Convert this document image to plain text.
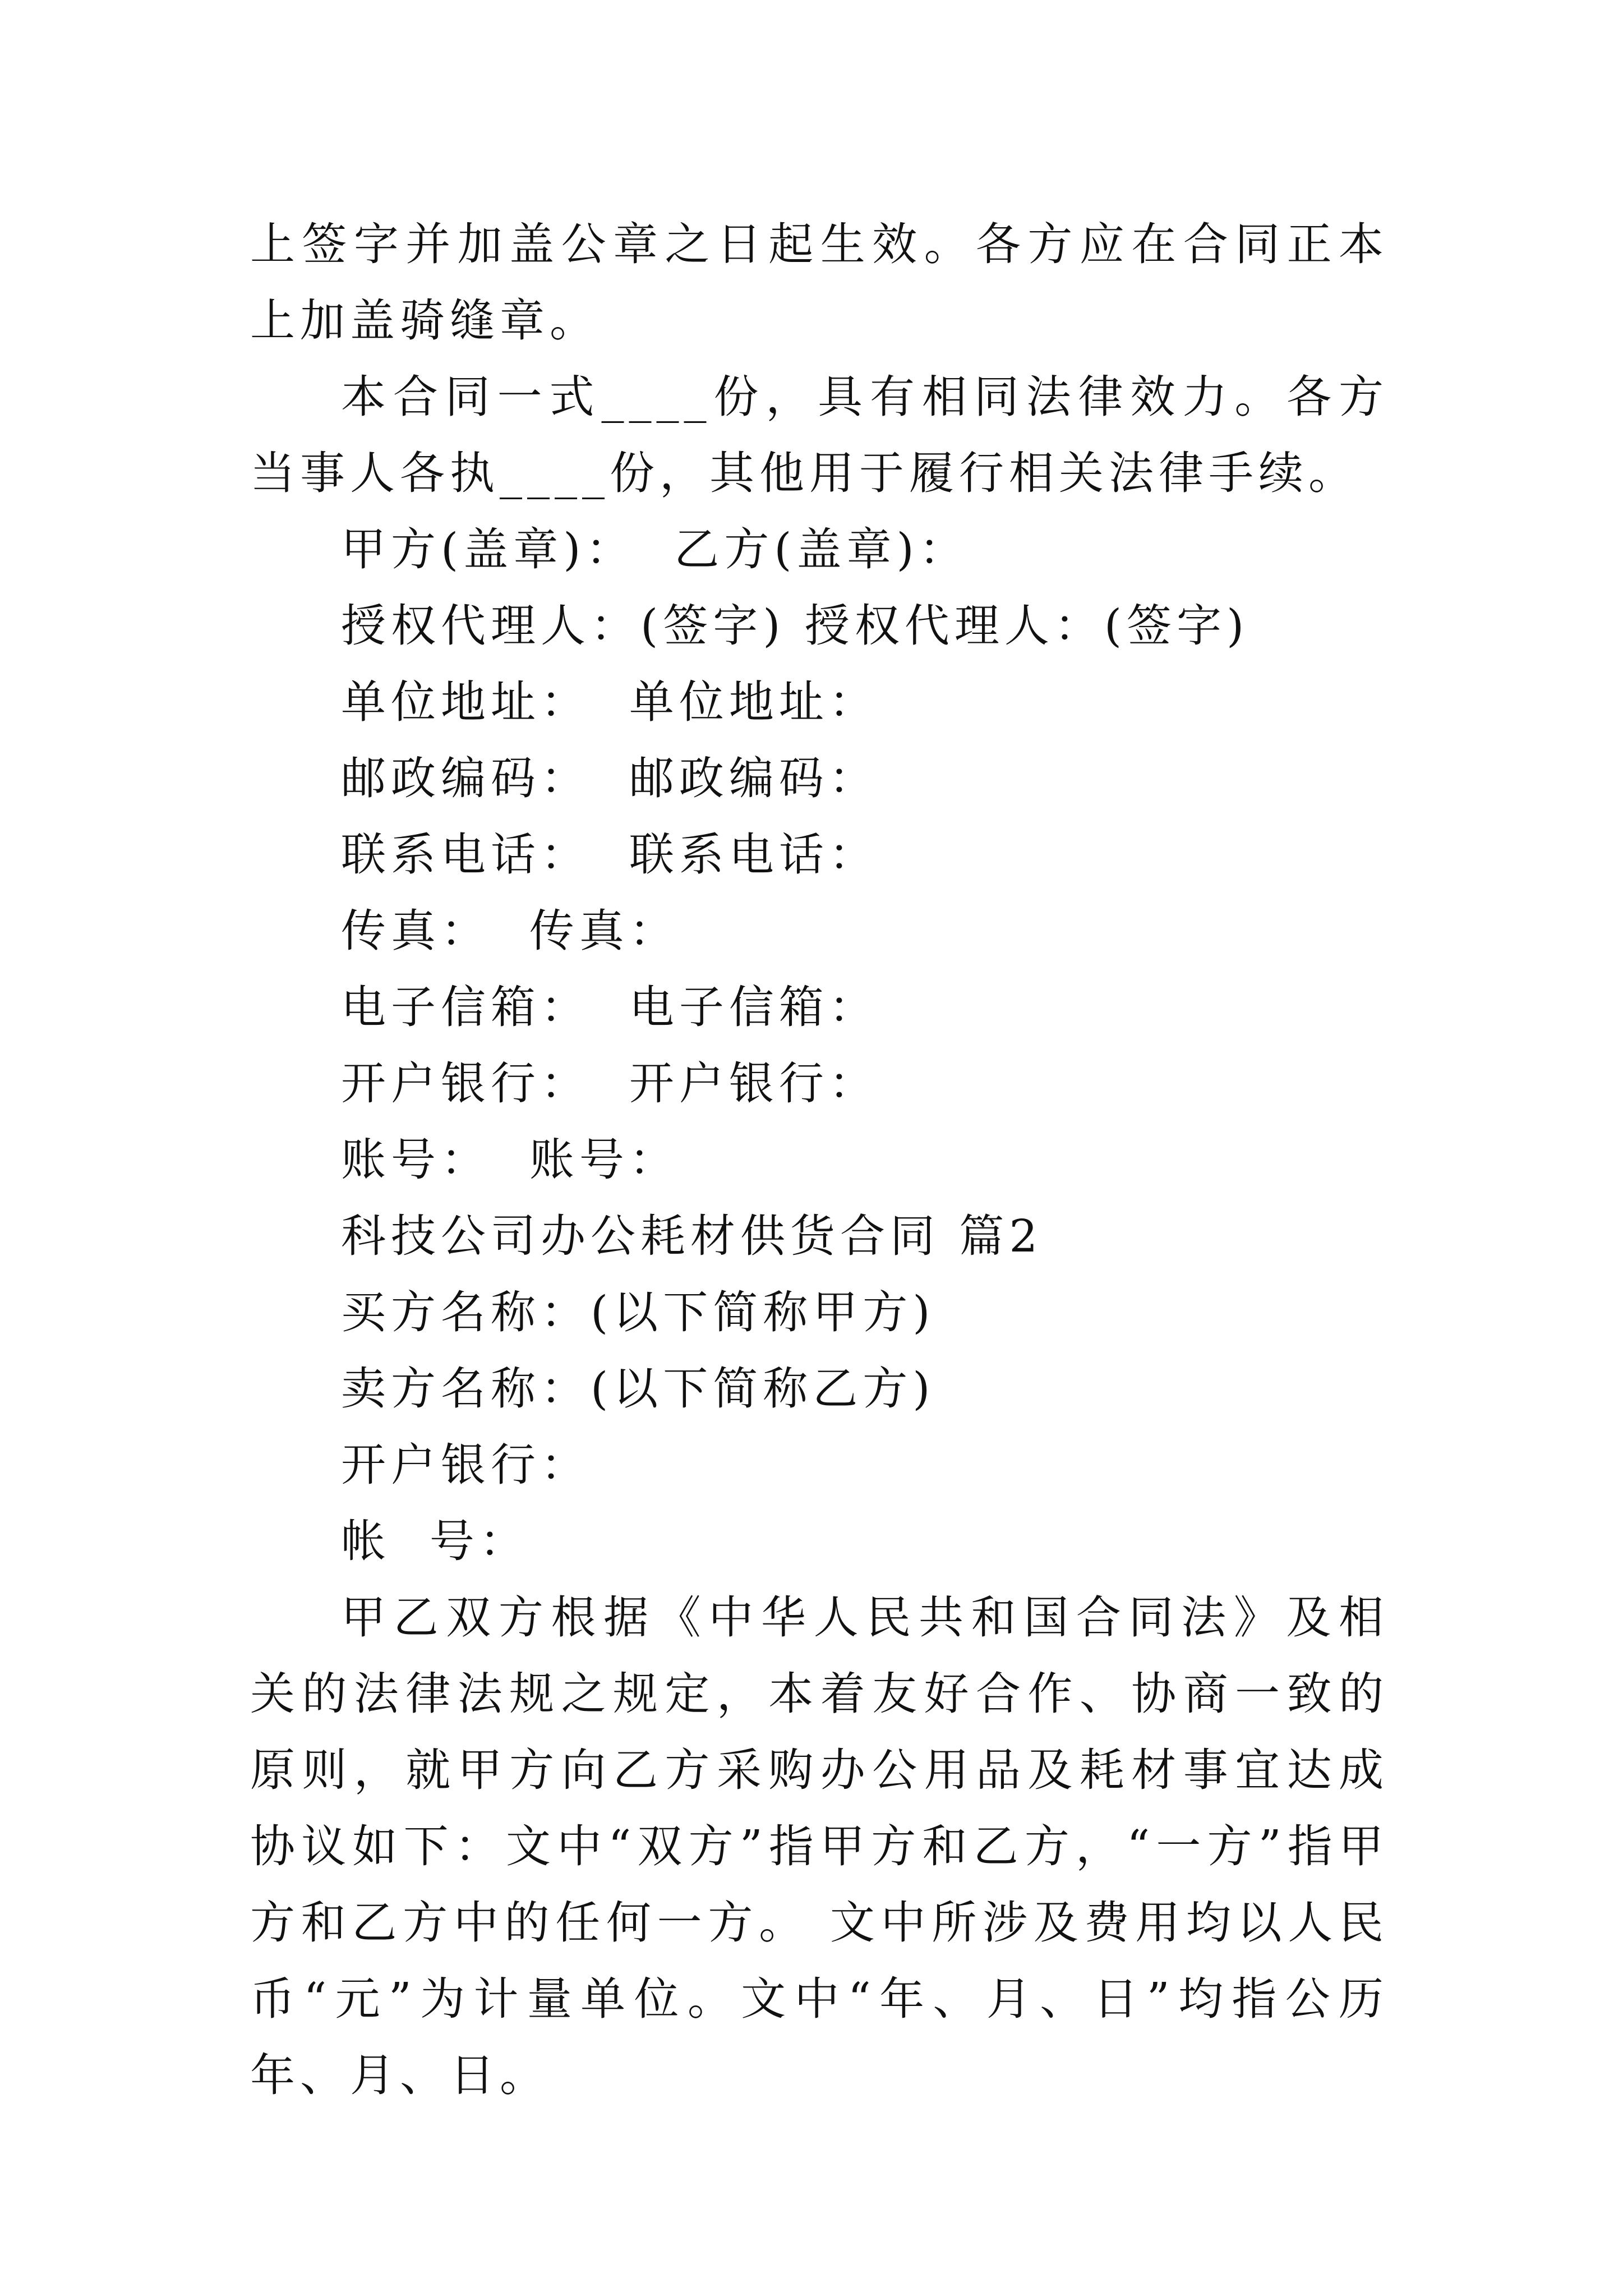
上签字并加盖公章之日起生效。各方应在合同正本上加盖骑缝章。

本合同一式____份，具有相同法律效力。各方当事人各执____份，其他用于履行相关法律手续。

甲方(盖章)：  乙方(盖章)：

授权代理人：(签字) 授权代理人：(签字)

单位地址：  单位地址：

邮政编码：  邮政编码：

联系电话：  联系电话：

传真：  传真：

电子信箱：  电子信箱：

开户银行：  开户银行：

账号：  账号：

科技公司办公耗材供货合同 篇2

买方名称：(以下简称甲方)

卖方名称：(以下简称乙方)

开户银行：

帐  号：

甲乙双方根据《中华人民共和国合同法》及相关的法律法规之规定，本着友好合作、协商一致的原则，就甲方向乙方采购办公用品及耗材事宜达成协议如下：文中“双方”指甲方和乙方，“一方”指甲方和乙方中的任何一方。 文中所涉及费用均以人民币“元”为计量单位。文中“年、月、日”均指公历年、月、日。
